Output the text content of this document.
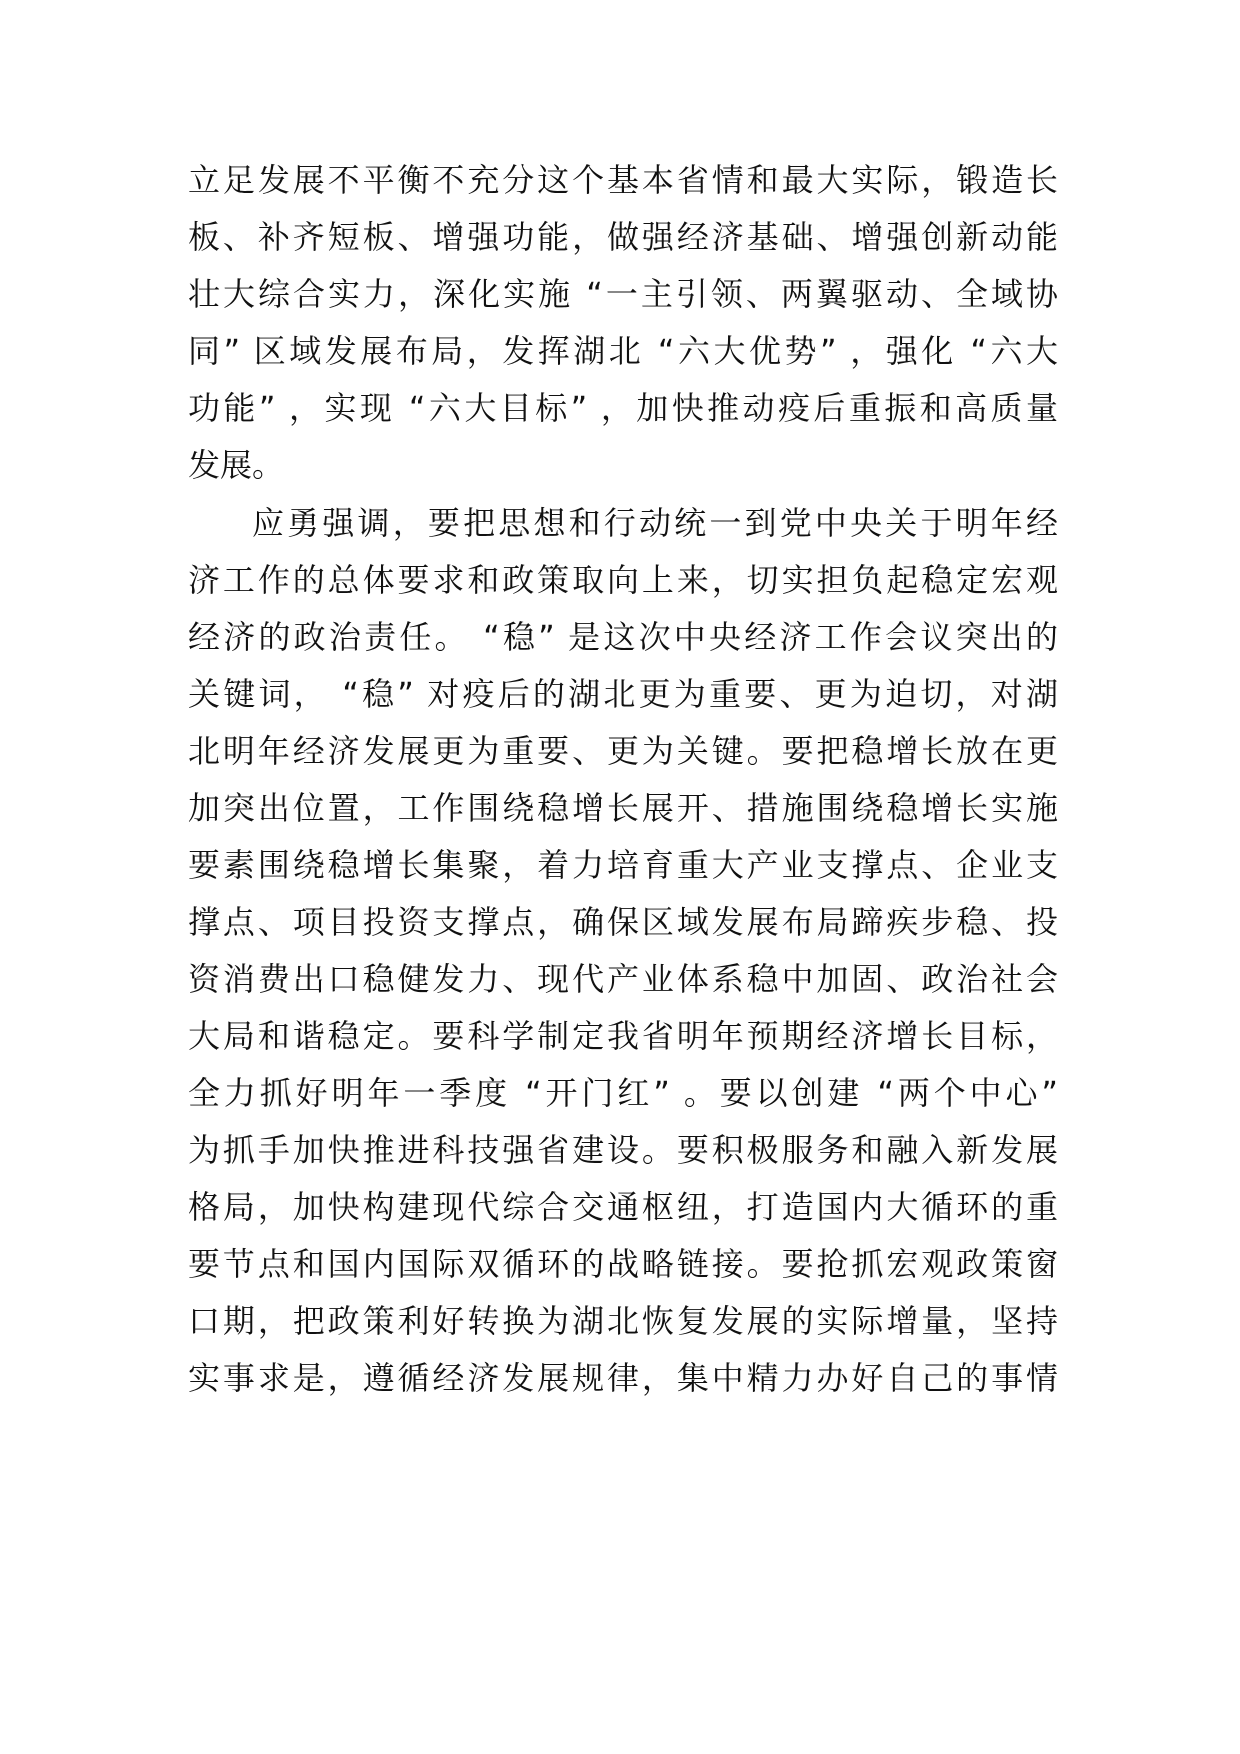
立足发展不平衡不充分这个基本省情和最大实际，锻造长
板、补齐短板、增强功能，做强经济基础、增强创新动能
壮大综合实力，深化实施 “一主引领、两翼驱动、全域协
同” 区域发展布局，发挥湖北 “六大优势” ，强化 “六大
功能” ，实现 “六大目标” ，加快推动疫后重振和高质量
发展。
应勇强调，要把思想和行动统一到党中央关于明年经
济工作的总体要求和政策取向上来，切实担负起稳定宏观
经济的政治责任。 “稳” 是这次中央经济工作会议突出的
关键词， “稳” 对疫后的湖北更为重要、更为迫切，对湖
北明年经济发展更为重要、更为关键。要把稳增长放在更
加突出位置，工作围绕稳增长展开、措施围绕稳增长实施
要素围绕稳增长集聚，着力培育重大产业支撑点、企业支
撑点、项目投资支撑点，确保区域发展布局蹄疾步稳、投
资消费出口稳健发力、现代产业体系稳中加固、政治社会
大局和谐稳定。要科学制定我省明年预期经济增长目标，
全力抓好明年一季度 “开门红” 。要以创建 “两个中心”
为抓手加快推进科技强省建设。要积极服务和融入新发展
格局，加快构建现代综合交通枢纽，打造国内大循环的重
要节点和国内国际双循环的战略链接。要抢抓宏观政策窗
口期，把政策利好转换为湖北恢复发展的实际增量，坚持
实事求是，遵循经济发展规律，集中精力办好自己的事情
